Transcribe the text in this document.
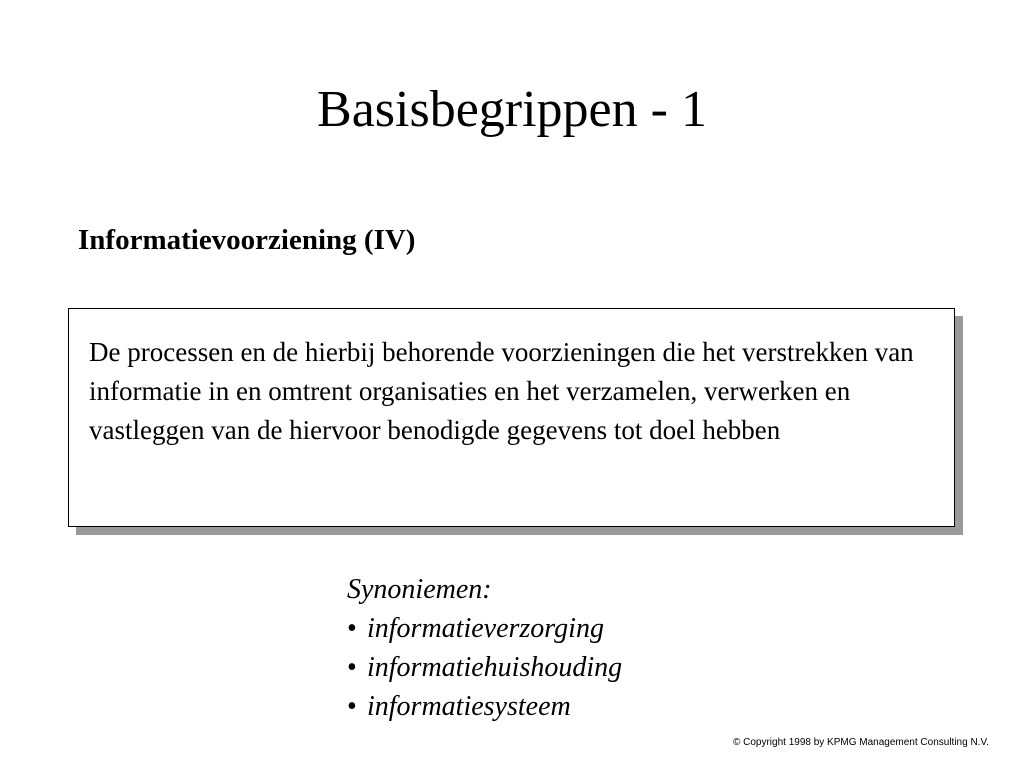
Basisbegrippen - 1
Informatievoorziening (IV)

De processen en de hierbij behorende voorzieningen die het verstrekken van informatie in en omtrent organisaties en het verzamelen, verwerken en vastleggen van de hiervoor benodigde gegevens tot doel hebben

Synoniemen:
• informatieverzorging
• informatiehuishouding
• informatiesysteem
© Copyright 1998 by KPMG Management Consulting N.V.
